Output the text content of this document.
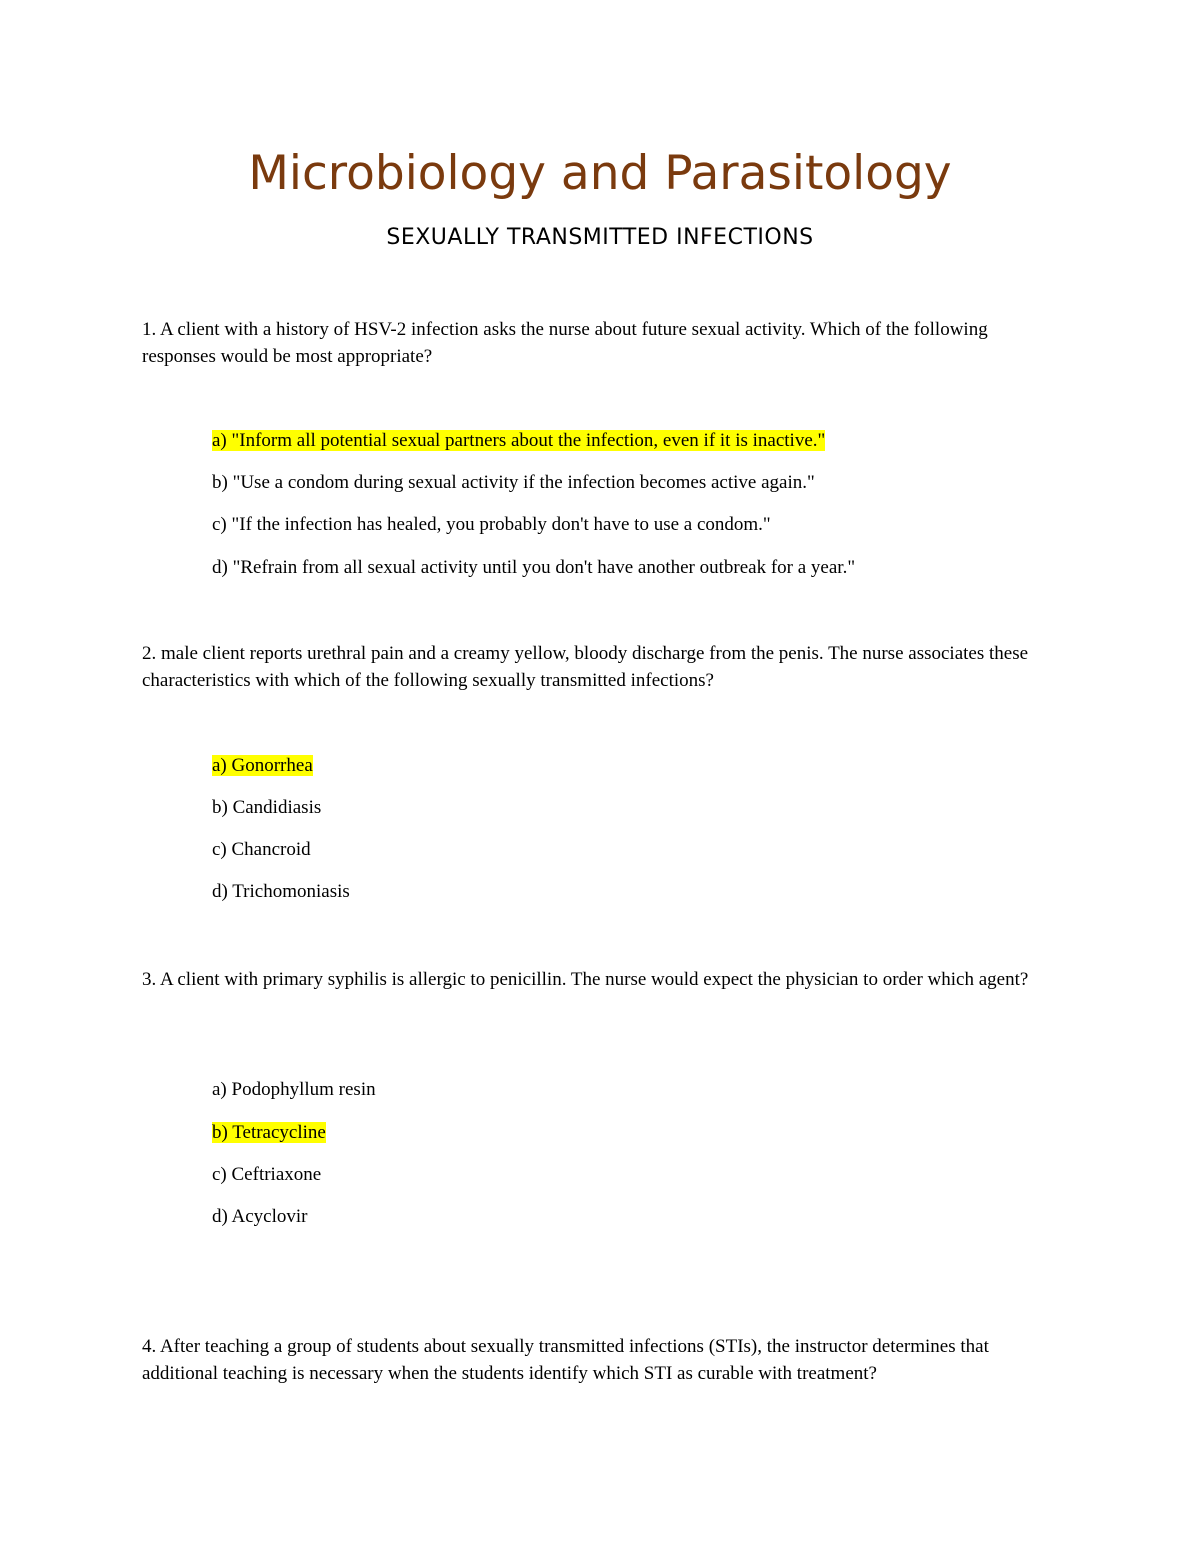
Microbiology and Parasitology
SEXUALLY TRANSMITTED INFECTIONS

1. A client with a history of HSV-2 infection asks the nurse about future sexual activity. Which of the following responses would be most appropriate?

a) "Inform all potential sexual partners about the infection, even if it is inactive."
b) "Use a condom during sexual activity if the infection becomes active again."
c) "If the infection has healed, you probably don't have to use a condom."
d) "Refrain from all sexual activity until you don't have another outbreak for a year."

2. male client reports urethral pain and a creamy yellow, bloody discharge from the penis. The nurse associates these characteristics with which of the following sexually transmitted infections?

a) Gonorrhea
b) Candidiasis
c) Chancroid
d) Trichomoniasis

3. A client with primary syphilis is allergic to penicillin. The nurse would expect the physician to order which agent?

a) Podophyllum resin
b) Tetracycline
c) Ceftriaxone
d) Acyclovir

4. After teaching a group of students about sexually transmitted infections (STIs), the instructor determines that additional teaching is necessary when the students identify which STI as curable with treatment?
